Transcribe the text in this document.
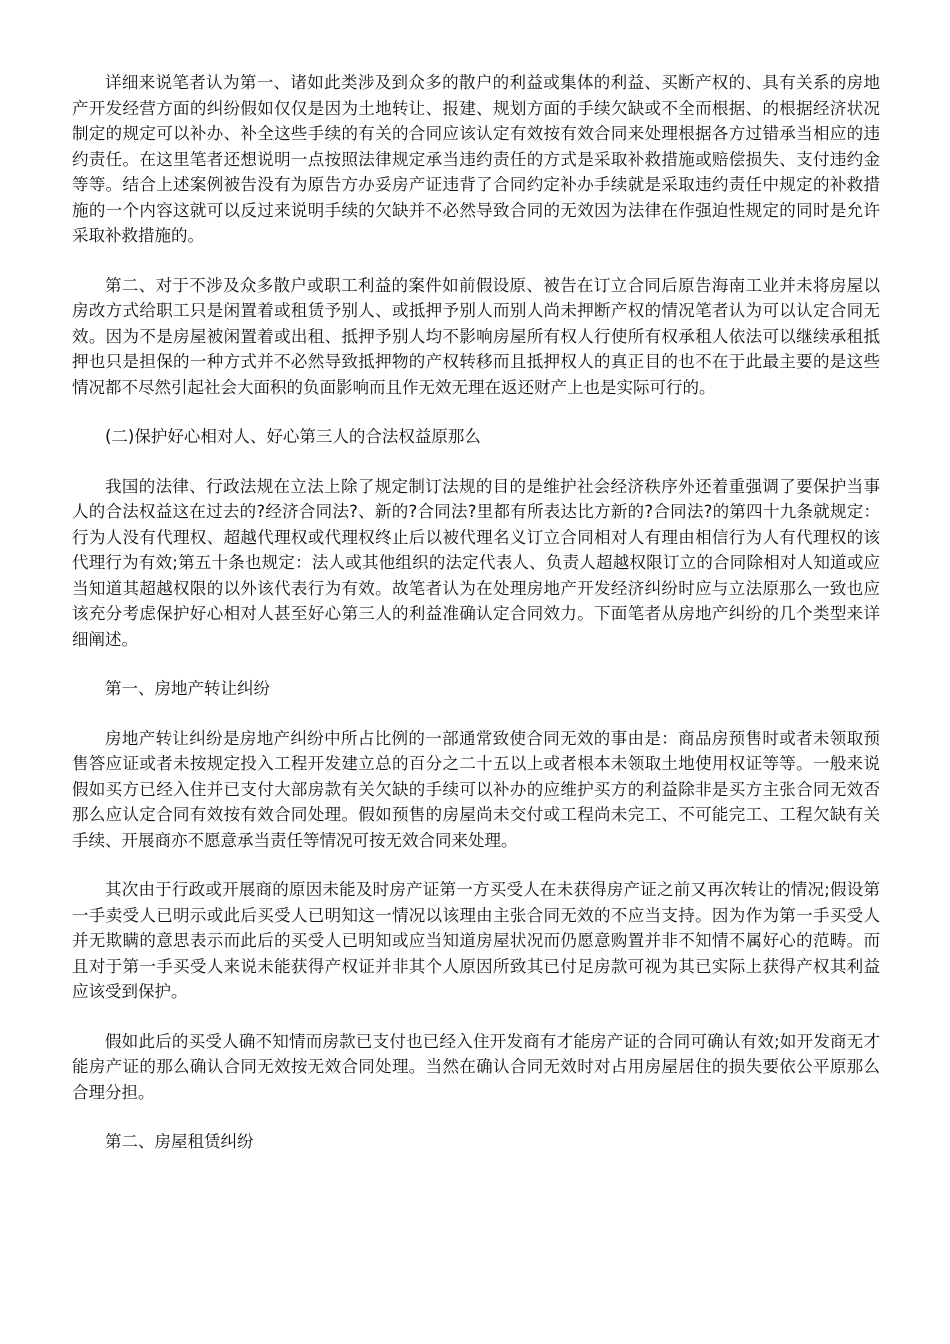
详细来说笔者认为第一、诸如此类涉及到众多的散户的利益或集体的利益、买断产权的、具有关系的房地产开发经营方面的纠纷假如仅仅是因为土地转让、报建、规划方面的手续欠缺或不全而根据、的根据经济状况制定的规定可以补办、补全这些手续的有关的合同应该认定有效按有效合同来处理根据各方过错承当相应的违约责任。在这里笔者还想说明一点按照法律规定承当违约责任的方式是采取补救措施或赔偿损失、支付违约金等等。结合上述案例被告没有为原告方办妥房产证违背了合同约定补办手续就是采取违约责任中规定的补救措施的一个内容这就可以反过来说明手续的欠缺并不必然导致合同的无效因为法律在作强迫性规定的同时是允许采取补救措施的。

第二、对于不涉及众多散户或职工利益的案件如前假设原、被告在订立合同后原告海南工业并未将房屋以房改方式给职工只是闲置着或租赁予别人、或抵押予别人而别人尚未押断产权的情况笔者认为可以认定合同无效。因为不是房屋被闲置着或出租、抵押予别人均不影响房屋所有权人行使所有权承租人依法可以继续承租抵押也只是担保的一种方式并不必然导致抵押物的产权转移而且抵押权人的真正目的也不在于此最主要的是这些情况都不尽然引起社会大面积的负面影响而且作无效无理在返还财产上也是实际可行的。

(二)保护好心相对人、好心第三人的合法权益原那么

我国的法律、行政法规在立法上除了规定制订法规的目的是维护社会经济秩序外还着重强调了要保护当事人的合法权益这在过去的?经济合同法?、新的?合同法?里都有所表达比方新的?合同法?的第四十九条就规定：行为人没有代理权、超越代理权或代理权终止后以被代理名义订立合同相对人有理由相信行为人有代理权的该代理行为有效;第五十条也规定：法人或其他组织的法定代表人、负责人超越权限订立的合同除相对人知道或应当知道其超越权限的以外该代表行为有效。故笔者认为在处理房地产开发经济纠纷时应与立法原那么一致也应该充分考虑保护好心相对人甚至好心第三人的利益准确认定合同效力。下面笔者从房地产纠纷的几个类型来详细阐述。

第一、房地产转让纠纷

房地产转让纠纷是房地产纠纷中所占比例的一部通常致使合同无效的事由是：商品房预售时或者未领取预售答应证或者未按规定投入工程开发建立总的百分之二十五以上或者根本未领取土地使用权证等等。一般来说假如买方已经入住并已支付大部房款有关欠缺的手续可以补办的应维护买方的利益除非是买方主张合同无效否那么应认定合同有效按有效合同处理。假如预售的房屋尚未交付或工程尚未完工、不可能完工、工程欠缺有关手续、开展商亦不愿意承当责任等情况可按无效合同来处理。

其次由于行政或开展商的原因未能及时房产证第一方买受人在未获得房产证之前又再次转让的情况;假设第一手卖受人已明示或此后买受人已明知这一情况以该理由主张合同无效的不应当支持。因为作为第一手买受人并无欺瞒的意思表示而此后的买受人已明知或应当知道房屋状况而仍愿意购置并非不知情不属好心的范畴。而且对于第一手买受人来说未能获得产权证并非其个人原因所致其已付足房款可视为其已实际上获得产权其利益应该受到保护。

假如此后的买受人确不知情而房款已支付也已经入住开发商有才能房产证的合同可确认有效;如开发商无才能房产证的那么确认合同无效按无效合同处理。当然在确认合同无效时对占用房屋居住的损失要依公平原那么合理分担。

第二、房屋租赁纠纷
